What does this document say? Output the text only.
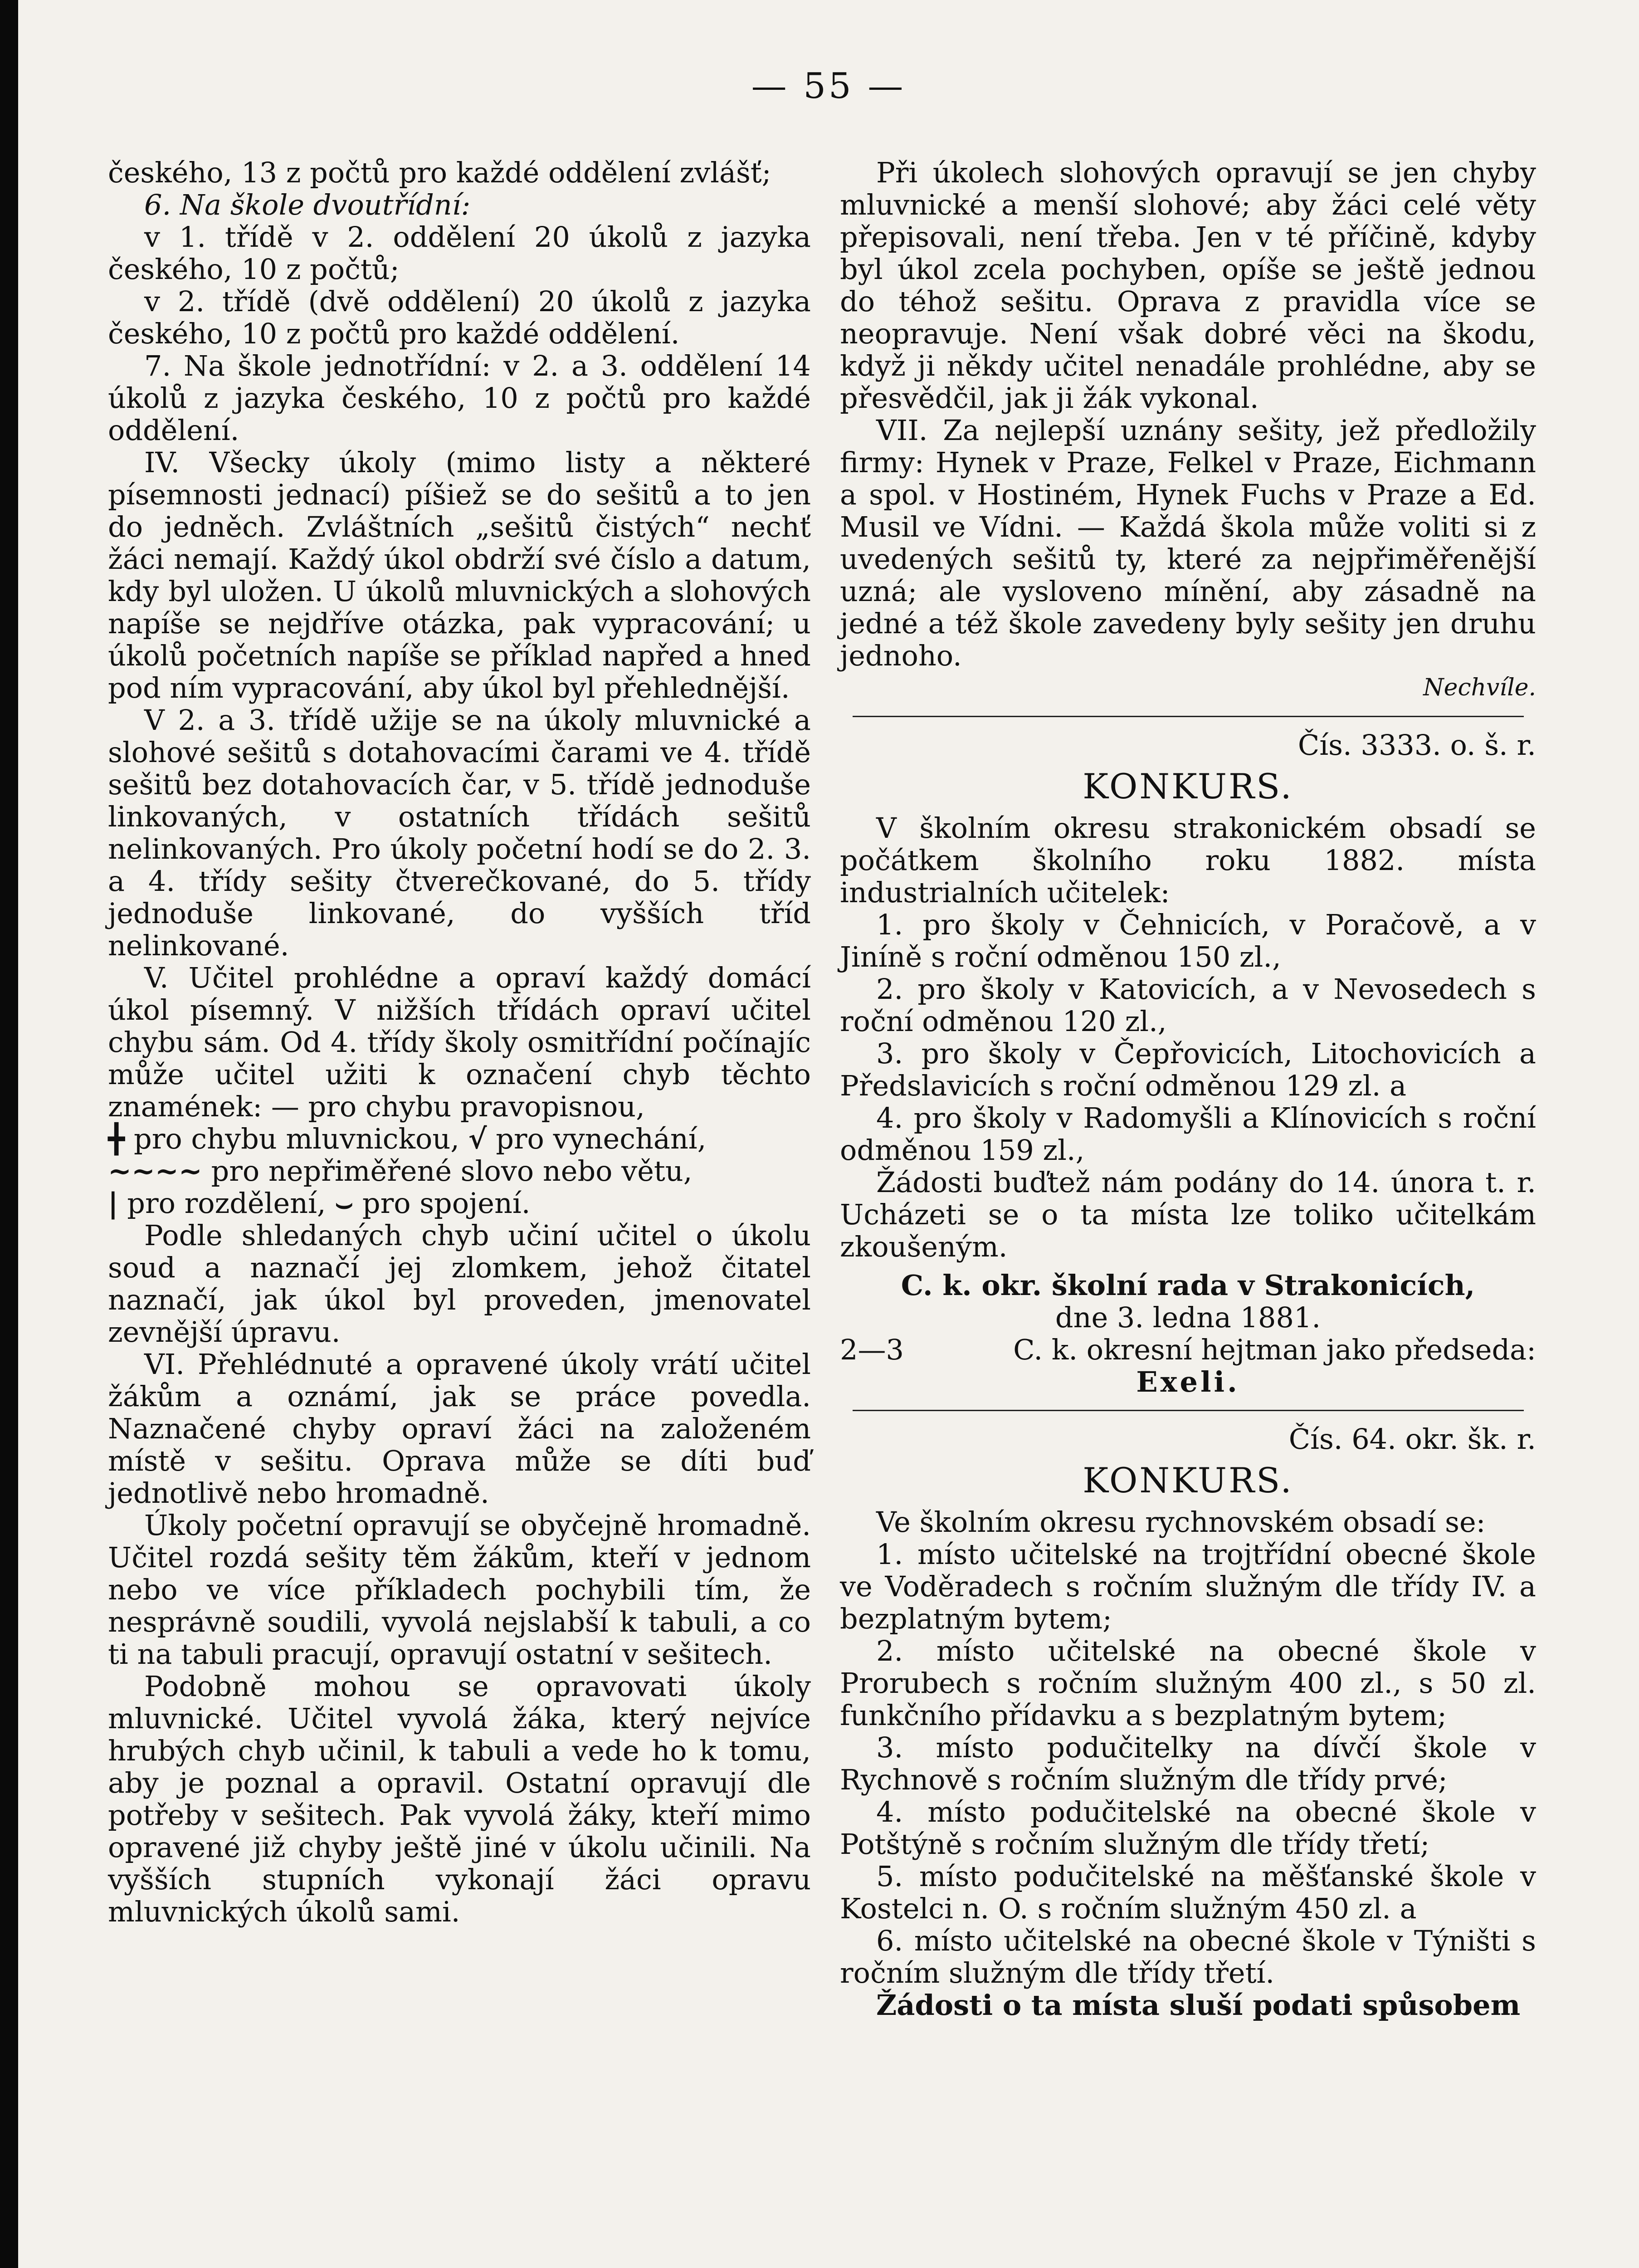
— 55 —

českého, 13 z počtů pro každé oddělení zvlášť;

6. Na škole dvoutřídní:

v 1. třídě v 2. oddělení 20 úkolů z jazyka českého, 10 z počtů;

v 2. třídě (dvě oddělení) 20 úkolů z jazyka českého, 10 z počtů pro každé oddělení.

7. Na škole jednotřídní: v 2. a 3. oddělení 14 úkolů z jazyka českého, 10 z počtů pro každé oddělení.

IV. Všecky úkoly (mimo listy a některé písemnosti jednací) píšiež se do sešitů a to jen do jedněch. Zvláštních „sešitů čistých“ nechť žáci nemají. Každý úkol obdrží své číslo a datum, kdy byl uložen. U úkolů mluvnických a slohových napíše se nejdříve otázka, pak vypracování; u úkolů početních napíše se příklad napřed a hned pod ním vypracování, aby úkol byl přehlednější.

V 2. a 3. třídě užije se na úkoly mluvnické a slohové sešitů s dotahovacími čarami ve 4. třídě sešitů bez dotahovacích čar, v 5. třídě jednoduše linkovaných, v ostatních třídách sešitů nelinkovaných. Pro úkoly početní hodí se do 2. 3. a 4. třídy sešity čtverečkované, do 5. třídy jednoduše linkované, do vyšších tříd nelinkované.

V. Učitel prohlédne a opraví každý domácí úkol písemný. V nižších třídách opraví učitel chybu sám. Od 4. třídy školy osmitřídní počínajíc může učitel užiti k označení chyb těchto znamének: — pro chybu pravopisnou,

╋ pro chybu mluvnickou, √ pro vynechání,

~~~~ pro nepřiměřené slovo nebo větu,

| pro rozdělení, ⌣ pro spojení.

Podle shledaných chyb učiní učitel o úkolu soud a naznačí jej zlomkem, jehož čitatel naznačí, jak úkol byl proveden, jmenovatel zevnější úpravu.

VI. Přehlédnuté a opravené úkoly vrátí učitel žákům a oznámí, jak se práce povedla. Naznačené chyby opraví žáci na založeném místě v sešitu. Oprava může se díti buď jednotlivě nebo hromadně.

Úkoly početní opravují se obyčejně hromadně. Učitel rozdá sešity těm žákům, kteří v jednom nebo ve více příkladech pochybili tím, že nesprávně soudili, vyvolá nejslabší k tabuli, a co ti na tabuli pracují, opravují ostatní v sešitech.

Podobně mohou se opravovati úkoly mluvnické. Učitel vyvolá žáka, který nejvíce hrubých chyb učinil, k tabuli a vede ho k tomu, aby je poznal a opravil. Ostatní opravují dle potřeby v sešitech. Pak vyvolá žáky, kteří mimo opravené již chyby ještě jiné v úkolu učinili. Na vyšších stupních vykonají žáci opravu mluvnických úkolů sami.

Při úkolech slohových opravují se jen chyby mluvnické a menší slohové; aby žáci celé věty přepisovali, není třeba. Jen v té příčině, kdyby byl úkol zcela pochyben, opíše se ještě jednou do téhož sešitu. Oprava z pravidla více se neopravuje. Není však dobré věci na škodu, když ji někdy učitel nenadále prohlédne, aby se přesvědčil, jak ji žák vykonal.

VII. Za nejlepší uznány sešity, jež předložily firmy: Hynek v Praze, Felkel v Praze, Eichmann a spol. v Hostiném, Hynek Fuchs v Praze a Ed. Musil ve Vídni. — Každá škola může voliti si z uvedených sešitů ty, které za nejpřiměřenější uzná; ale vysloveno mínění, aby zásadně na jedné a též škole zavedeny byly sešity jen druhu jednoho.

Nechvíle.

Čís. 3333. o. š. r.

KONKURS.

V školním okresu strakonickém obsadí se počátkem školního roku 1882. místa industrialních učitelek:

1. pro školy v Čehnicích, v Poračově, a v Jiníně s roční odměnou 150 zl.,

2. pro školy v Katovicích, a v Nevosedech s roční odměnou 120 zl.,

3. pro školy v Čepřovicích, Litochovicích a Předslavicích s roční odměnou 129 zl. a

4. pro školy v Radomyšli a Klínovicích s roční odměnou 159 zl.,

Žádosti buďtež nám podány do 14. února t. r. Ucházeti se o ta místa lze toliko učitelkám zkoušeným.

C. k. okr. školní rada v Strakonicích,

dne 3. ledna 1881.

2—3	C. k. okresní hejtman jako předseda:

Exeli.

Čís. 64. okr. šk. r.

KONKURS.

Ve školním okresu rychnovském obsadí se:

1. místo učitelské na trojtřídní obecné škole ve Voděradech s ročním služným dle třídy IV. a bezplatným bytem;

2. místo učitelské na obecné škole v Prorubech s ročním služným 400 zl., s 50 zl. funkčního přídavku a s bezplatným bytem;

3. místo podučitelky na dívčí škole v Rychnově s ročním služným dle třídy prvé;

4. místo podučitelské na obecné škole v Potštýně s ročním služným dle třídy třetí;

5. místo podučitelské na měšťanské škole v Kostelci n. O. s ročním služným 450 zl. a

6. místo učitelské na obecné škole v Týništi s ročním služným dle třídy třetí.

Žádosti o ta místa sluší podati spůsobem
